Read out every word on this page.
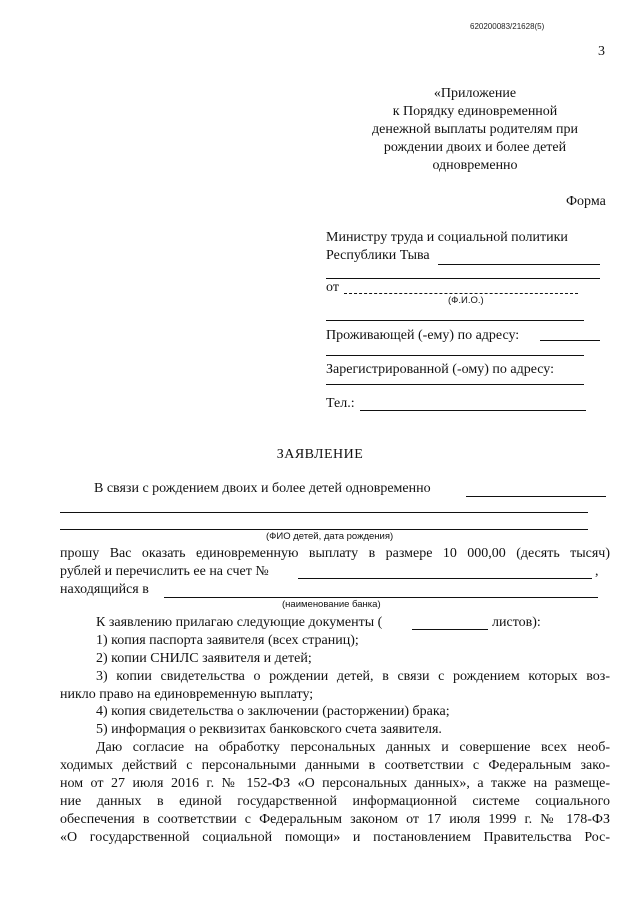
620200083/21628(5)
3
«Приложение
к Порядку единовременной
денежной выплаты родителям при
рождении двоих и более детей
одновременно
Форма
Министру труда и социальной политики
Республики Тыва
от
(Ф.И.О.)
Проживающей (-ему) по адресу:
Зарегистрированной (-ому) по адресу:
Тел.:
ЗАЯВЛЕНИЕ
В связи с рождением двоих и более детей одновременно
(ФИО детей, дата рождения)
прошу Вас оказать единовременную выплату в размере 10 000,00 (десять тысяч)
рублей и перечислить ее на счет №	,
находящийся в
(наименование банка)
К заявлению прилагаю следующие документы (	листов):
1) копия паспорта заявителя (всех страниц);
2) копии СНИЛС заявителя и детей;
3) копии свидетельства о рождении детей, в связи с рождением которых воз-
никло право на единовременную выплату;
4) копия свидетельства о заключении (расторжении) брака;
5) информация о реквизитах банковского счета заявителя.
Даю согласие на обработку персональных данных и совершение всех необ-
ходимых действий с персональными данными в соответствии с Федеральным зако-
ном от 27 июля 2016 г. № 152-ФЗ «О персональных данных», а также на размеще-
ние данных в единой государственной информационной системе социального
обеспечения в соответствии с Федеральным законом от 17 июля 1999 г. № 178-ФЗ
«О государственной социальной помощи» и постановлением Правительства Рос-
